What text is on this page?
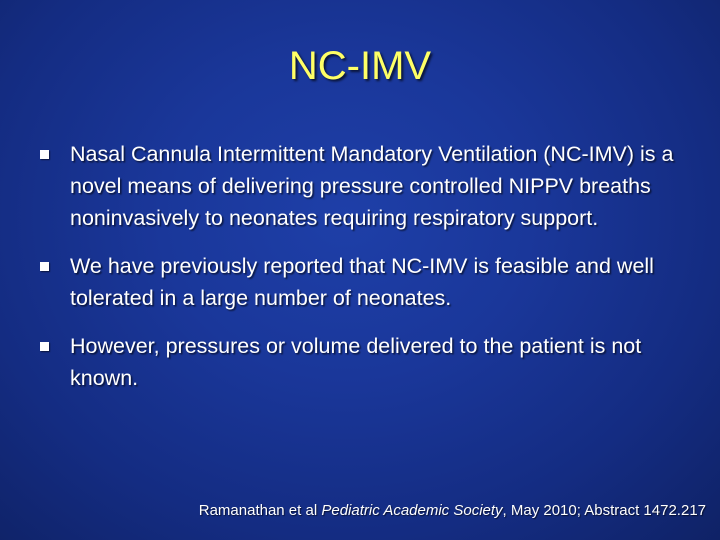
NC-IMV
Nasal Cannula Intermittent Mandatory Ventilation (NC-IMV) is a novel means of delivering pressure controlled NIPPV breaths noninvasively to neonates requiring respiratory support.
We have previously reported that NC-IMV is feasible and well tolerated in a large number of neonates.
However, pressures or volume delivered to the patient is not known.
Ramanathan et al Pediatric Academic Society, May 2010; Abstract 1472.217
